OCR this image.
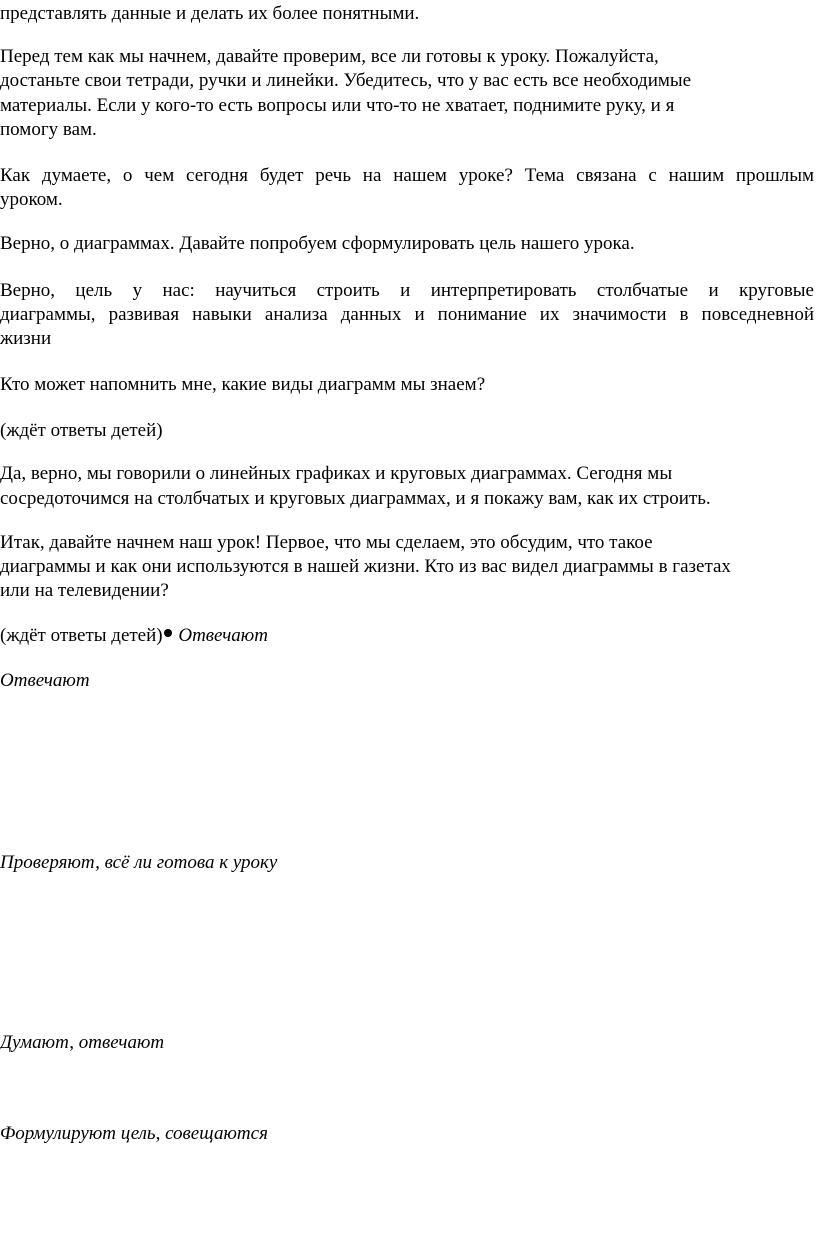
представлять данные и делать их более понятными.
Перед тем как мы начнем, давайте проверим, все ли готовы к уроку. Пожалуйста,
достаньте свои тетради, ручки и линейки. Убедитесь, что у вас есть все необходимые
материалы. Если у кого-то есть вопросы или что-то не хватает, поднимите руку, и я
помогу вам.
Как думаете, о чем сегодня будет речь на нашем уроке? Тема связана с нашим прошлым
уроком.
Верно, о диаграммах. Давайте попробуем сформулировать цель нашего урока.
Верно, цель у нас: научиться строить и интерпретировать столбчатые и круговые
диаграммы, развивая навыки анализа данных и понимание их значимости в повседневной
жизни
Кто может напомнить мне, какие виды диаграмм мы знаем?
(ждёт ответы детей)
Да, верно, мы говорили о линейных графиках и круговых диаграммах. Сегодня мы
сосредоточимся на столбчатых и круговых диаграммах, и я покажу вам, как их строить.
Итак, давайте начнем наш урок! Первое, что мы сделаем, это обсудим, что такое
диаграммы и как они используются в нашей жизни. Кто из вас видел диаграммы в газетах
или на телевидении?
(ждёт ответы детей) Отвечают
Отвечают
Проверяют, всё ли готова к уроку
Думают, отвечают
Формулируют цель, совещаются
